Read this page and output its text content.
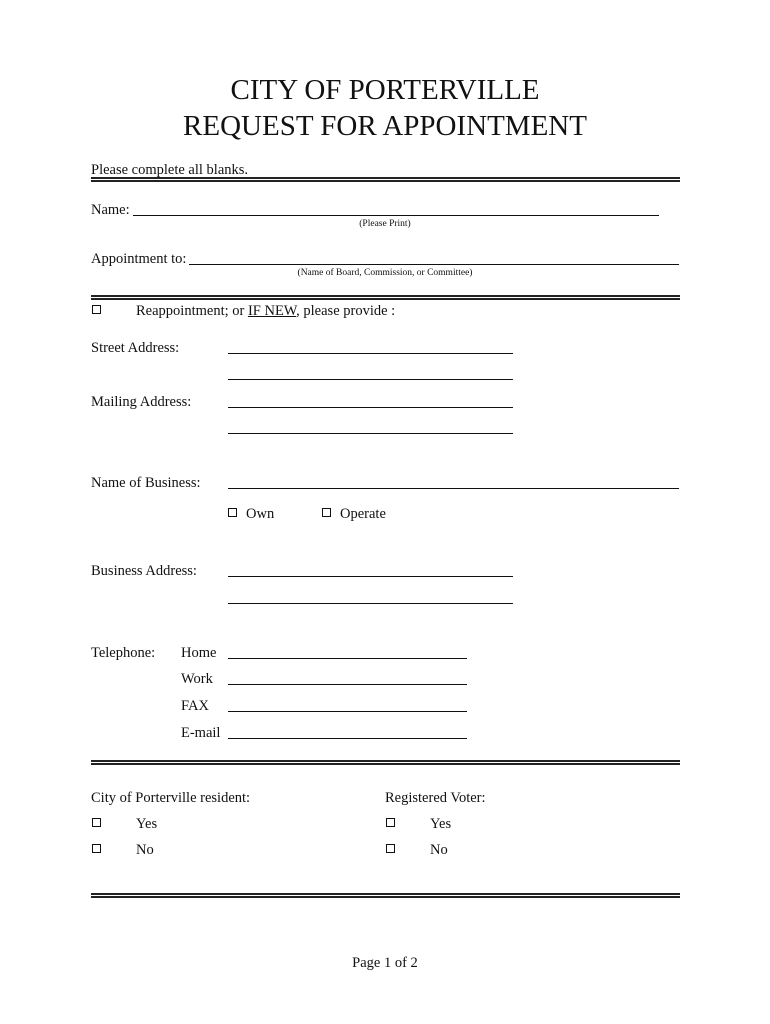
CITY OF PORTERVILLE
REQUEST FOR APPOINTMENT
Please complete all blanks.
Name:
(Please Print)
Appointment to:
(Name of Board, Commission, or Committee)
Reappointment; or IF NEW, please provide :
Street Address:
Mailing Address:
Name of Business:
Own	Operate
Business Address:
Telephone: Home
Work
FAX
E-mail
City of Porterville resident:	Registered Voter:
Yes	Yes
No	No
Page 1 of 2
